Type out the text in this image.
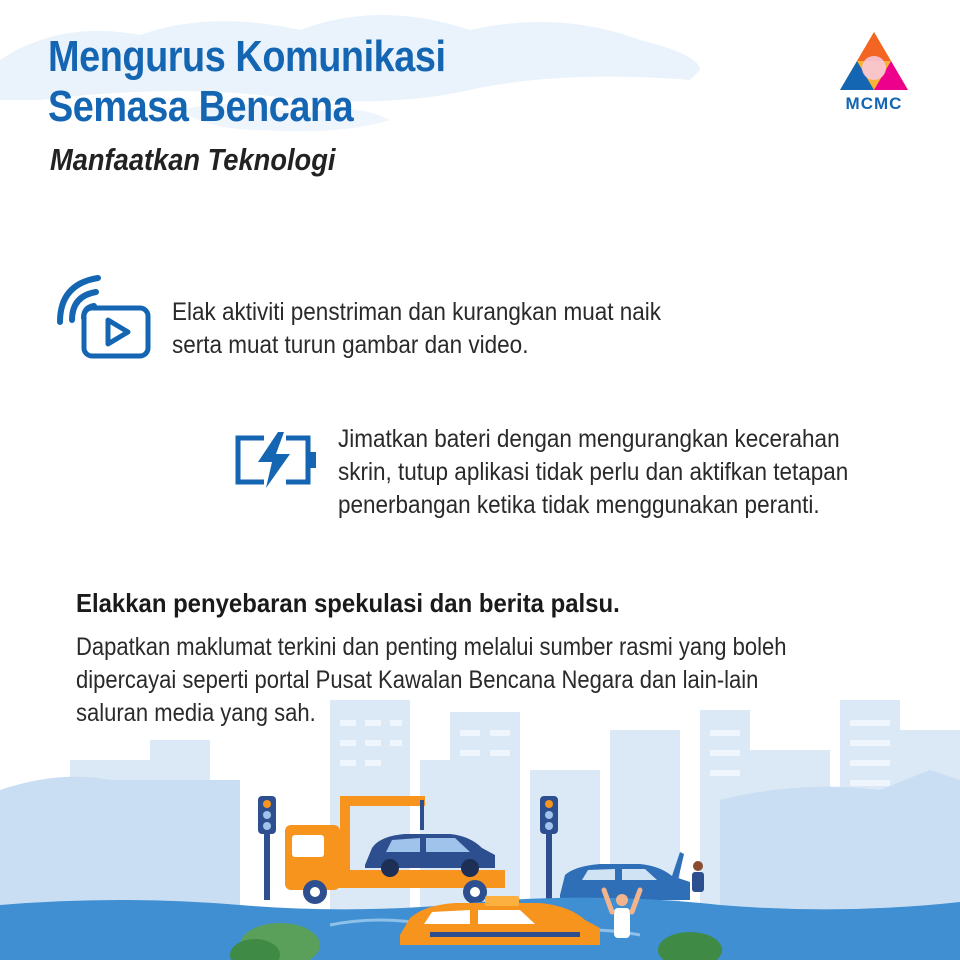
Mengurus Komunikasi
Semasa Bencana
Manfaatkan Teknologi
MCMC

Elak aktiviti penstriman dan kurangkan muat naik
serta muat turun gambar dan video.

Jimatkan bateri dengan mengurangkan kecerahan
skrin, tutup aplikasi tidak perlu dan aktifkan tetapan
penerbangan ketika tidak menggunakan peranti.

Elakkan penyebaran spekulasi dan berita palsu.

Dapatkan maklumat terkini dan penting melalui sumber rasmi yang boleh
dipercayai seperti portal Pusat Kawalan Bencana Negara dan lain-lain
saluran media yang sah.
